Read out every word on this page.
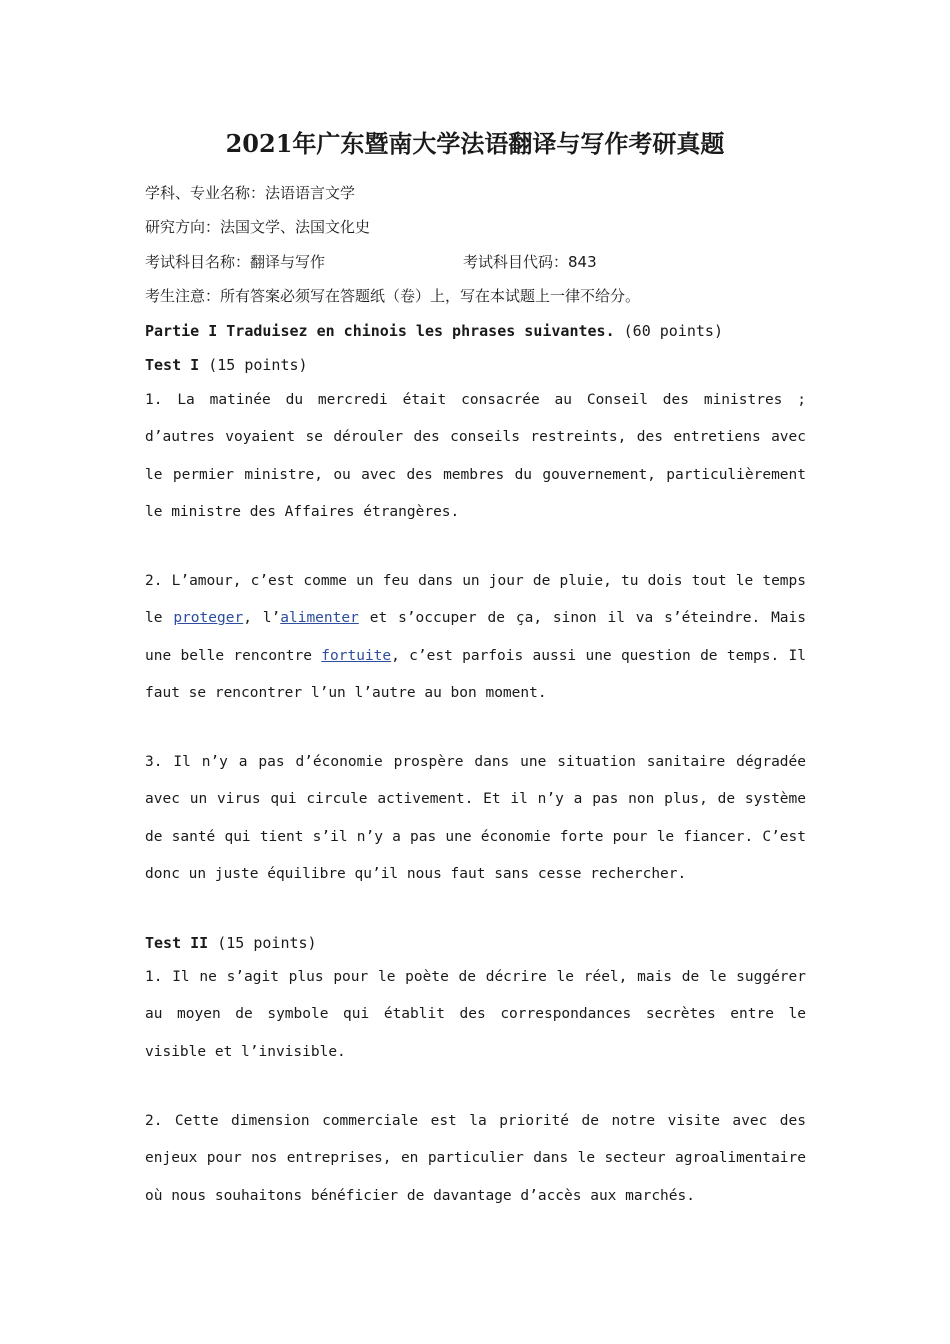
2021年广东暨南大学法语翻译与写作考研真题
学科、专业名称：法语语言文学
研究方向：法国文学、法国文化史
考试科目名称：翻译与写作	考试科目代码：843
考生注意：所有答案必须写在答题纸（卷）上，写在本试题上一律不给分。
Partie I Traduisez en chinois les phrases suivantes. (60 points)
Test I (15 points)
1. La matinée du mercredi était consacrée au Conseil des ministres ; d’autres voyaient se dérouler des conseils restreints, des entretiens avec le permier ministre, ou avec des membres du gouvernement, particulièrement le ministre des Affaires étrangères.
2. L’amour, c’est comme un feu dans un jour de pluie, tu dois tout le temps le proteger, l’alimenter et s’occuper de ça, sinon il va s’éteindre. Mais une belle rencontre fortuite, c’est parfois aussi une question de temps. Il faut se rencontrer l’un l’autre au bon moment.
3. Il n’y a pas d’économie prospère dans une situation sanitaire dégradée avec un virus qui circule activement. Et il n’y a pas non plus, de système de santé qui tient s’il n’y a pas une économie forte pour le fiancer. C’est donc un juste équilibre qu’il nous faut sans cesse rechercher.
Test II (15 points)
1. Il ne s’agit plus pour le poète de décrire le réel, mais de le suggérer au moyen de symbole qui établit des correspondances secrètes entre le visible et l’invisible.
2. Cette dimension commerciale est la priorité de notre visite avec des enjeux pour nos entreprises, en particulier dans le secteur agroalimentaire où nous souhaitons bénéficier de davantage d’accès aux marchés.
